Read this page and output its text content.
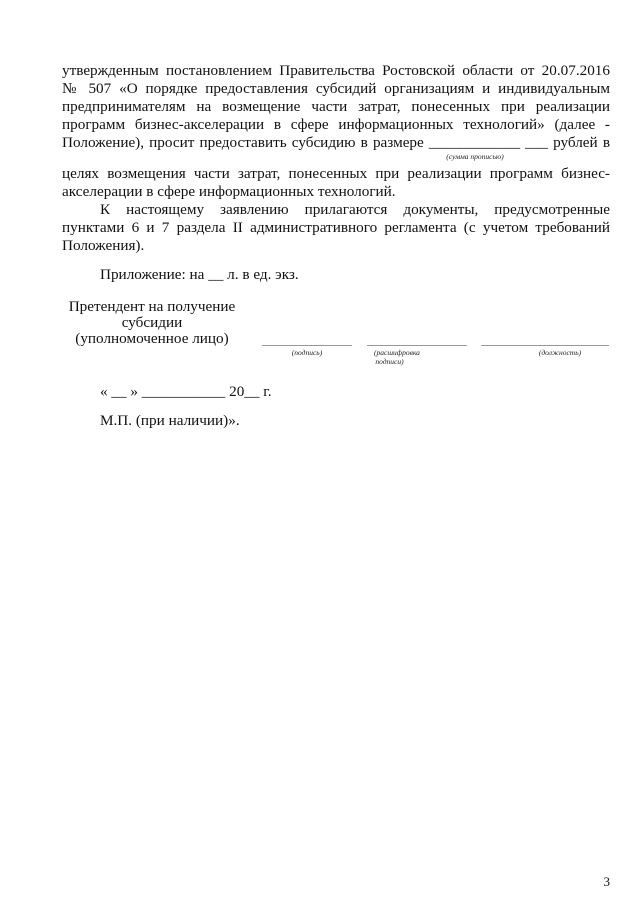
утвержденным постановлением Правительства Ростовской области от 20.07.2016
№ 507 «О порядке предоставления субсидий организациям и индивидуальным
предпринимателям на возмещение части затрат, понесенных при реализации
программ бизнес-акселерации в сфере информационных технологий» (далее -
Положение), просит предоставить субсидию в размере ____________ ___ рублей в
(сумма прописью)
целях возмещения части затрат, понесенных при реализации программ бизнес-
акселерации в сфере информационных технологий.
К настоящему заявлению прилагаются документы, предусмотренные
пунктами 6 и 7 раздела II административного регламента (с учетом требований
Положения).
Приложение: на __ л. в ед. экз.
Претендент на получение
субсидии
(уполномоченное лицо)
(подпись)	(расшифровка
подписи)
(должность)
« __ » ___________ 20__ г.
М.П. (при наличии)».
3
